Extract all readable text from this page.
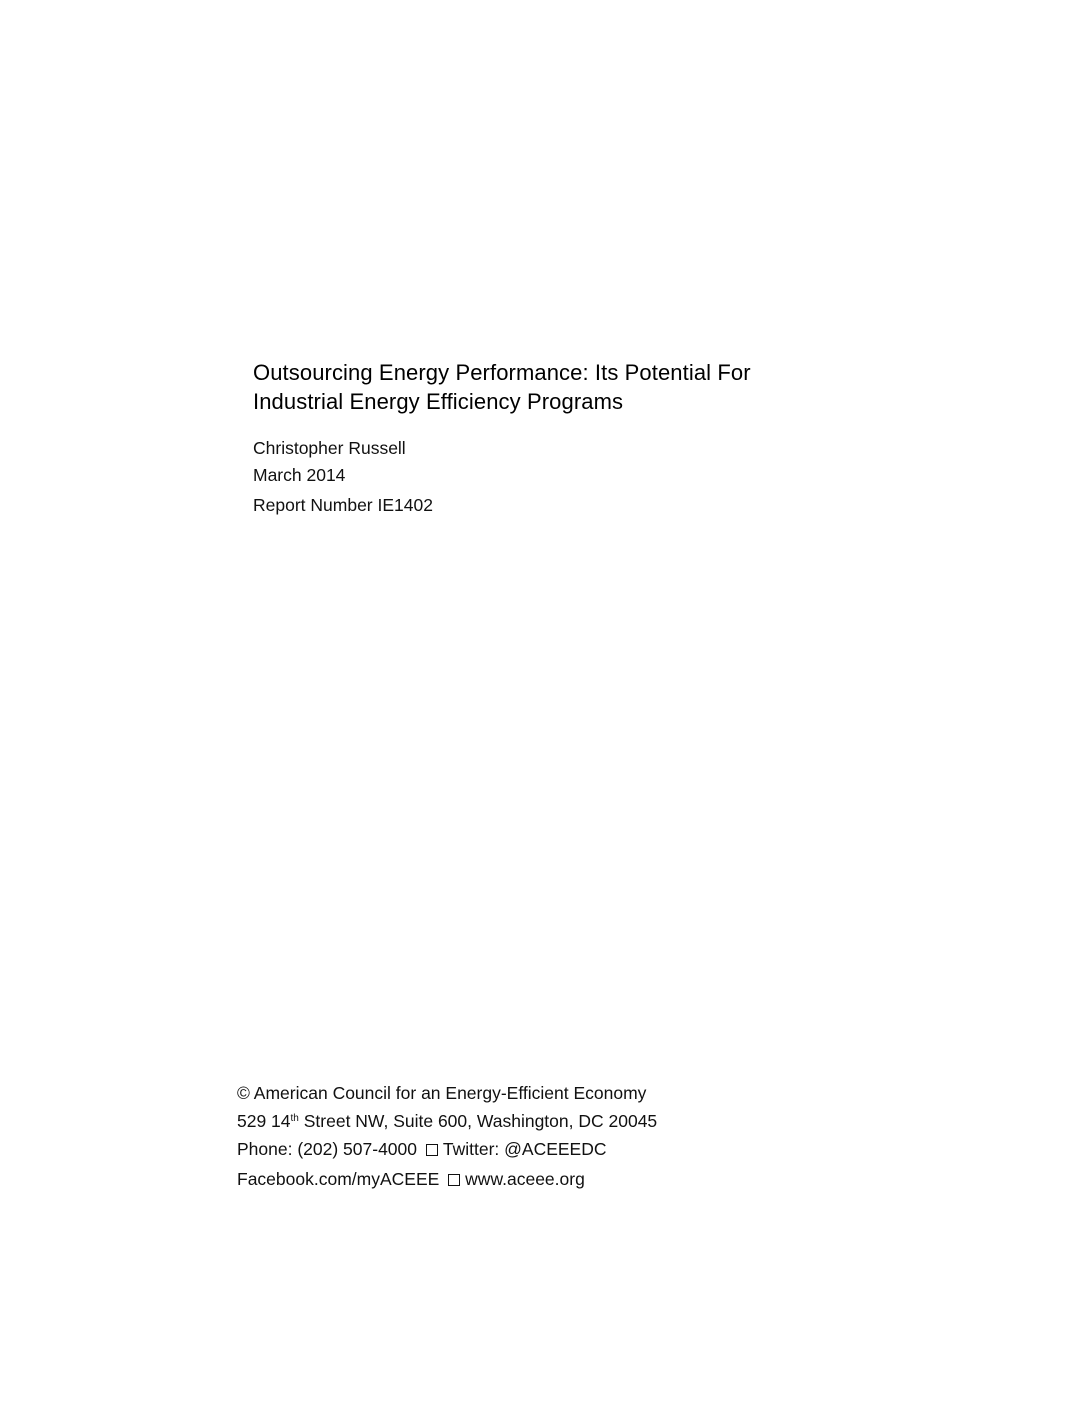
Outsourcing Energy Performance: Its Potential For
Industrial Energy Efficiency Programs
Christopher Russell
March 2014
Report Number IE1402
© American Council for an Energy-Efficient Economy
529 14th Street NW, Suite 600, Washington, DC 20045
Phone: (202) 507-4000 Twitter: @ACEEEDC
Facebook.com/myACEEE www.aceee.org
